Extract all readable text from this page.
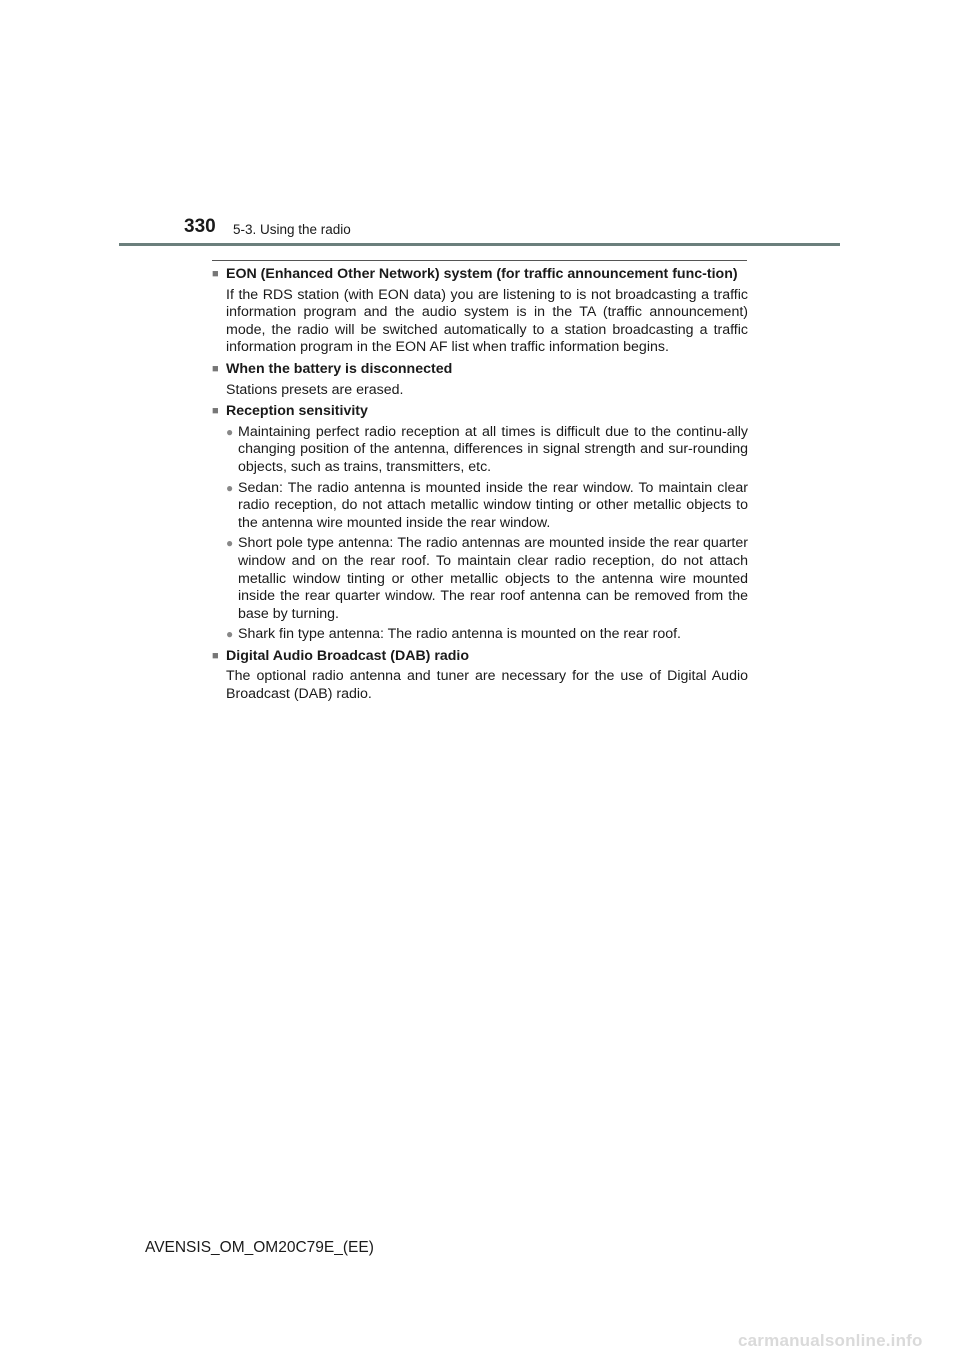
330 5-3. Using the radio
■ EON (Enhanced Other Network) system (for traffic announcement func-tion)
If the RDS station (with EON data) you are listening to is not broadcasting a traffic information program and the audio system is in the TA (traffic announcement) mode, the radio will be switched automatically to a station broadcasting a traffic information program in the EON AF list when traffic information begins.
■ When the battery is disconnected
Stations presets are erased.
■ Reception sensitivity
● Maintaining perfect radio reception at all times is difficult due to the continu-ally changing position of the antenna, differences in signal strength and sur-rounding objects, such as trains, transmitters, etc.
● Sedan: The radio antenna is mounted inside the rear window. To maintain clear radio reception, do not attach metallic window tinting or other metallic objects to the antenna wire mounted inside the rear window.
● Short pole type antenna: The radio antennas are mounted inside the rear quarter window and on the rear roof. To maintain clear radio reception, do not attach metallic window tinting or other metallic objects to the antenna wire mounted inside the rear quarter window. The rear roof antenna can be removed from the base by turning.
● Shark fin type antenna: The radio antenna is mounted on the rear roof.
■ Digital Audio Broadcast (DAB) radio
The optional radio antenna and tuner are necessary for the use of Digital Audio Broadcast (DAB) radio.
AVENSIS_OM_OM20C79E_(EE)
carmanualsonline.info
